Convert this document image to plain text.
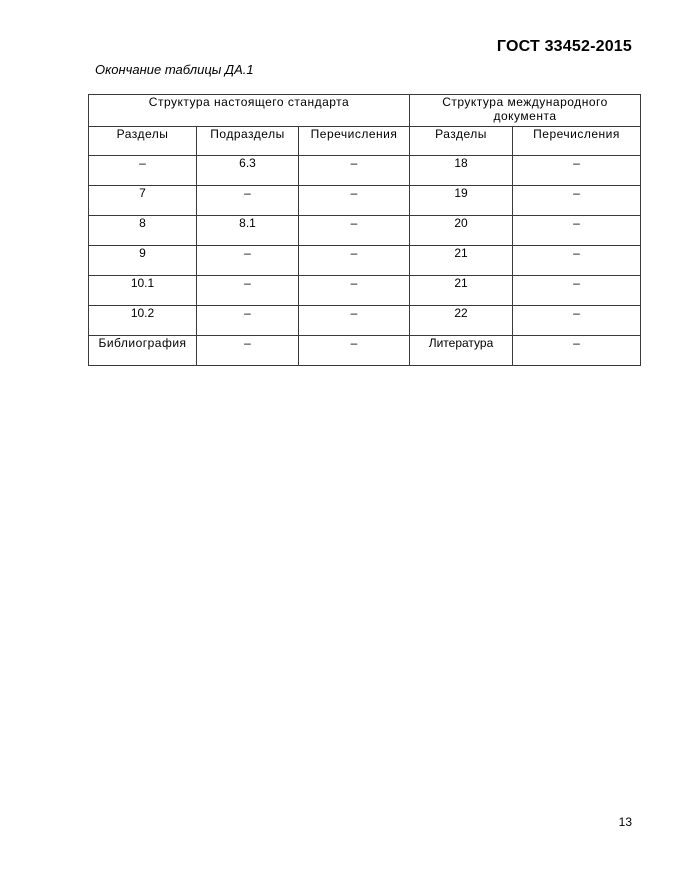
ГОСТ 33452-2015
Окончание таблицы ДА.1
Структура настоящего стандарта			Структура международного документа	
Разделы	Подразделы	Перечисления	Разделы	Перечисления
–	6.3	–	18	–
7	–	–	19	–
8	8.1	–	20	–
9	–	–	21	–
10.1	–	–	21	–
10.2	–	–	22	–
Библиография	–	–	Литература	–
13
